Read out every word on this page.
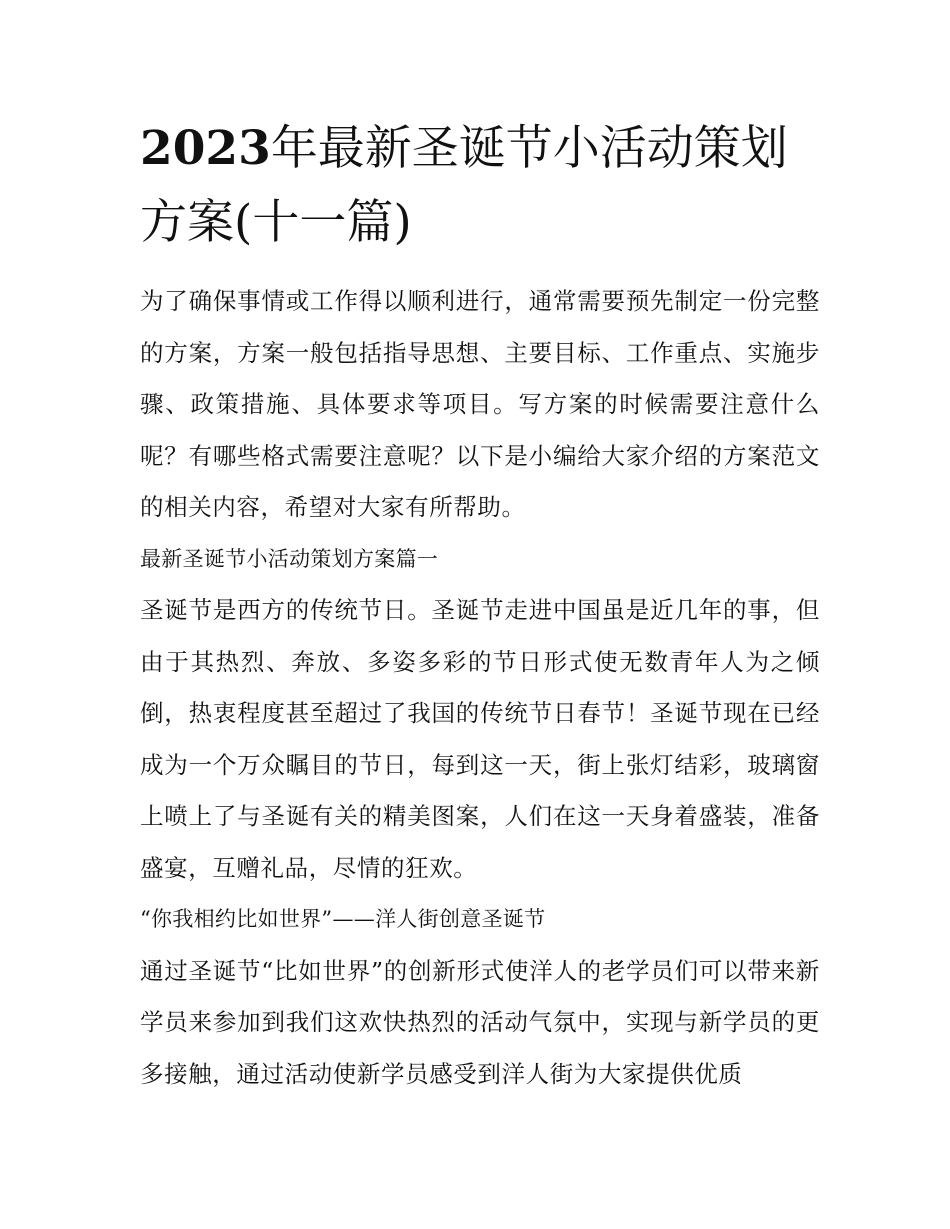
2023年最新圣诞节小活动策划方案(十一篇)

为了确保事情或工作得以顺利进行，通常需要预先制定一份完整的方案，方案一般包括指导思想、主要目标、工作重点、实施步骤、政策措施、具体要求等项目。写方案的时候需要注意什么呢？有哪些格式需要注意呢？以下是小编给大家介绍的方案范文的相关内容，希望对大家有所帮助。

最新圣诞节小活动策划方案篇一

圣诞节是西方的传统节日。圣诞节走进中国虽是近几年的事，但由于其热烈、奔放、多姿多彩的节日形式使无数青年人为之倾倒，热衷程度甚至超过了我国的传统节日春节！圣诞节现在已经成为一个万众瞩目的节日，每到这一天，街上张灯结彩，玻璃窗上喷上了与圣诞有关的精美图案，人们在这一天身着盛装，准备盛宴，互赠礼品，尽情的狂欢。

“你我相约比如世界”——洋人街创意圣诞节

通过圣诞节“比如世界”的创新形式使洋人的老学员们可以带来新学员来参加到我们这欢快热烈的活动气氛中，实现与新学员的更多接触，通过活动使新学员感受到洋人街为大家提供优质
